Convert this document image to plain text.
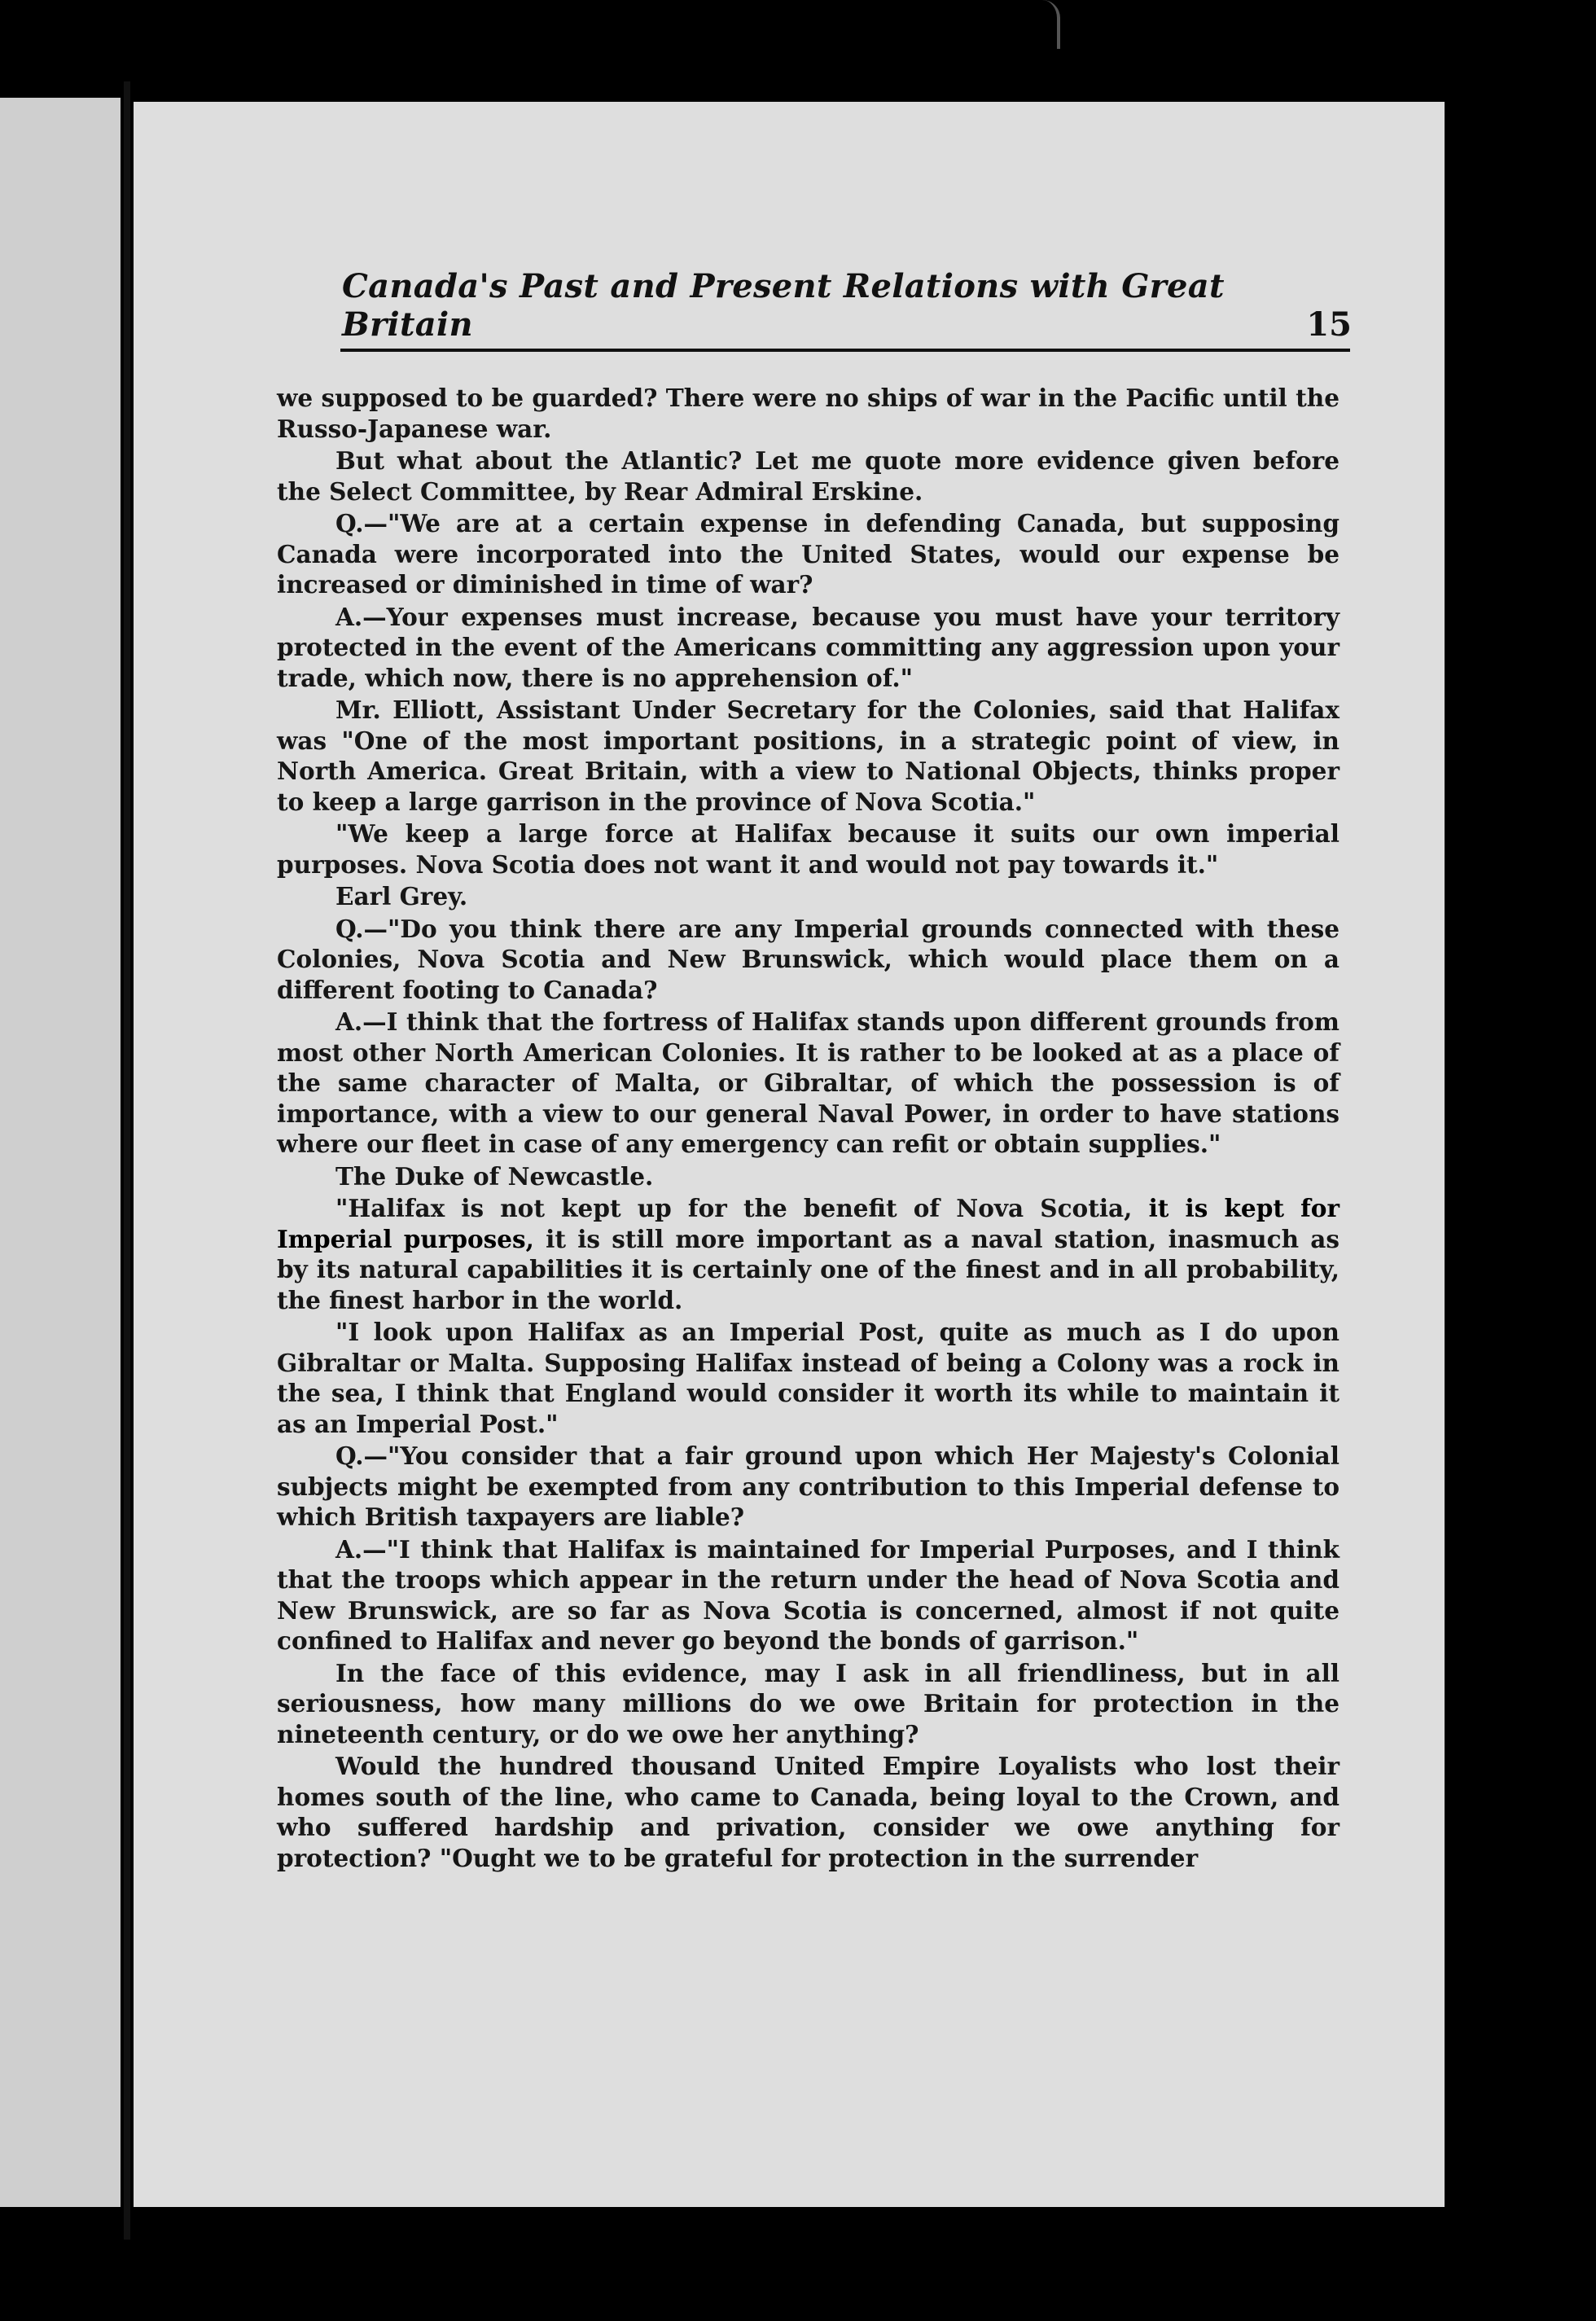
Canada's Past and Present Relations with Great Britain	15

we supposed to be guarded? There were no ships of war in the Pacific until the Russo-Japanese war.

But what about the Atlantic? Let me quote more evidence given before the Select Committee, by Rear Admiral Erskine.

Q.—"We are at a certain expense in defending Canada, but supposing Canada were incorporated into the United States, would our expense be increased or diminished in time of war?

A.—Your expenses must increase, because you must have your territory protected in the event of the Americans committing any aggression upon your trade, which now, there is no apprehension of."

Mr. Elliott, Assistant Under Secretary for the Colonies, said that Halifax was "One of the most important positions, in a strategic point of view, in North America. Great Britain, with a view to National Objects, thinks proper to keep a large garrison in the province of Nova Scotia."

"We keep a large force at Halifax because it suits our own imperial purposes. Nova Scotia does not want it and would not pay towards it."

Earl Grey.

Q.—"Do you think there are any Imperial grounds connected with these Colonies, Nova Scotia and New Brunswick, which would place them on a different footing to Canada?

A.—I think that the fortress of Halifax stands upon different grounds from most other North American Colonies. It is rather to be looked at as a place of the same character of Malta, or Gibraltar, of which the possession is of importance, with a view to our general Naval Power, in order to have stations where our fleet in case of any emergency can refit or obtain supplies."

The Duke of Newcastle.

"Halifax is not kept up for the benefit of Nova Scotia, it is kept for Imperial purposes, it is still more important as a naval station, inasmuch as by its natural capabilities it is certainly one of the finest and in all probability, the finest harbor in the world.

"I look upon Halifax as an Imperial Post, quite as much as I do upon Gibraltar or Malta. Supposing Halifax instead of being a Colony was a rock in the sea, I think that England would consider it worth its while to maintain it as an Imperial Post."

Q.—"You consider that a fair ground upon which Her Majesty's Colonial subjects might be exempted from any contribution to this Imperial defense to which British taxpayers are liable?

A.—"I think that Halifax is maintained for Imperial Purposes, and I think that the troops which appear in the return under the head of Nova Scotia and New Brunswick, are so far as Nova Scotia is concerned, almost if not quite confined to Halifax and never go beyond the bonds of garrison."

In the face of this evidence, may I ask in all friendliness, but in all seriousness, how many millions do we owe Britain for protection in the nineteenth century, or do we owe her anything?

Would the hundred thousand United Empire Loyalists who lost their homes south of the line, who came to Canada, being loyal to the Crown, and who suffered hardship and privation, consider we owe anything for protection? "Ought we to be grateful for protection in the surrender
